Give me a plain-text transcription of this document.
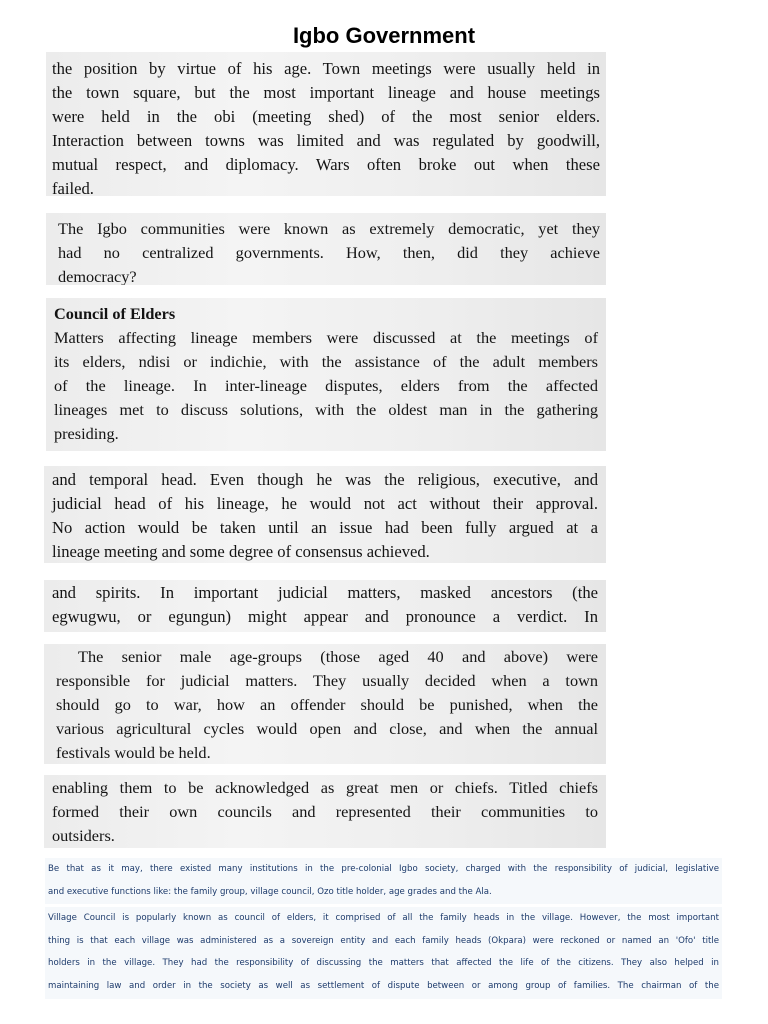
Igbo Government
the position by virtue of his age. Town meetings were usually held in
the town square, but the most important lineage and house meetings
were held in the obi (meeting shed) of the most senior elders.
Interaction between towns was limited and was regulated by goodwill,
mutual respect, and diplomacy. Wars often broke out when these
failed.
The Igbo communities were known as extremely democratic, yet they
had no centralized governments. How, then, did they achieve
democracy?
Council of Elders
Matters affecting lineage members were discussed at the meetings of
its elders, ndisi or indichie, with the assistance of the adult members
of the lineage. In inter-lineage disputes, elders from the affected
lineages met to discuss solutions, with the oldest man in the gathering
presiding.
and temporal head. Even though he was the religious, executive, and
judicial head of his lineage, he would not act without their approval.
No action would be taken until an issue had been fully argued at a
lineage meeting and some degree of consensus achieved.
and spirits. In important judicial matters, masked ancestors (the
egwugwu, or egungun) might appear and pronounce a verdict. In
The senior male age-groups (those aged 40 and above) were
responsible for judicial matters. They usually decided when a town
should go to war, how an offender should be punished, when the
various agricultural cycles would open and close, and when the annual
festivals would be held.
enabling them to be acknowledged as great men or chiefs. Titled chiefs
formed their own councils and represented their communities to
outsiders.
Be that as it may, there existed many institutions in the pre-colonial Igbo society, charged with the responsibility of judicial, legislative
and executive functions like: the family group, village council, Ozo title holder, age grades and the Ala.
Village Council is popularly known as council of elders, it comprised of all the family heads in the village. However, the most important
thing is that each village was administered as a sovereign entity and each family heads (Okpara) were reckoned or named an 'Ofo' title
holders in the village. They had the responsibility of discussing the matters that affected the life of the citizens. They also helped in
maintaining law and order in the society as well as settlement of dispute between or among group of families. The chairman of the
